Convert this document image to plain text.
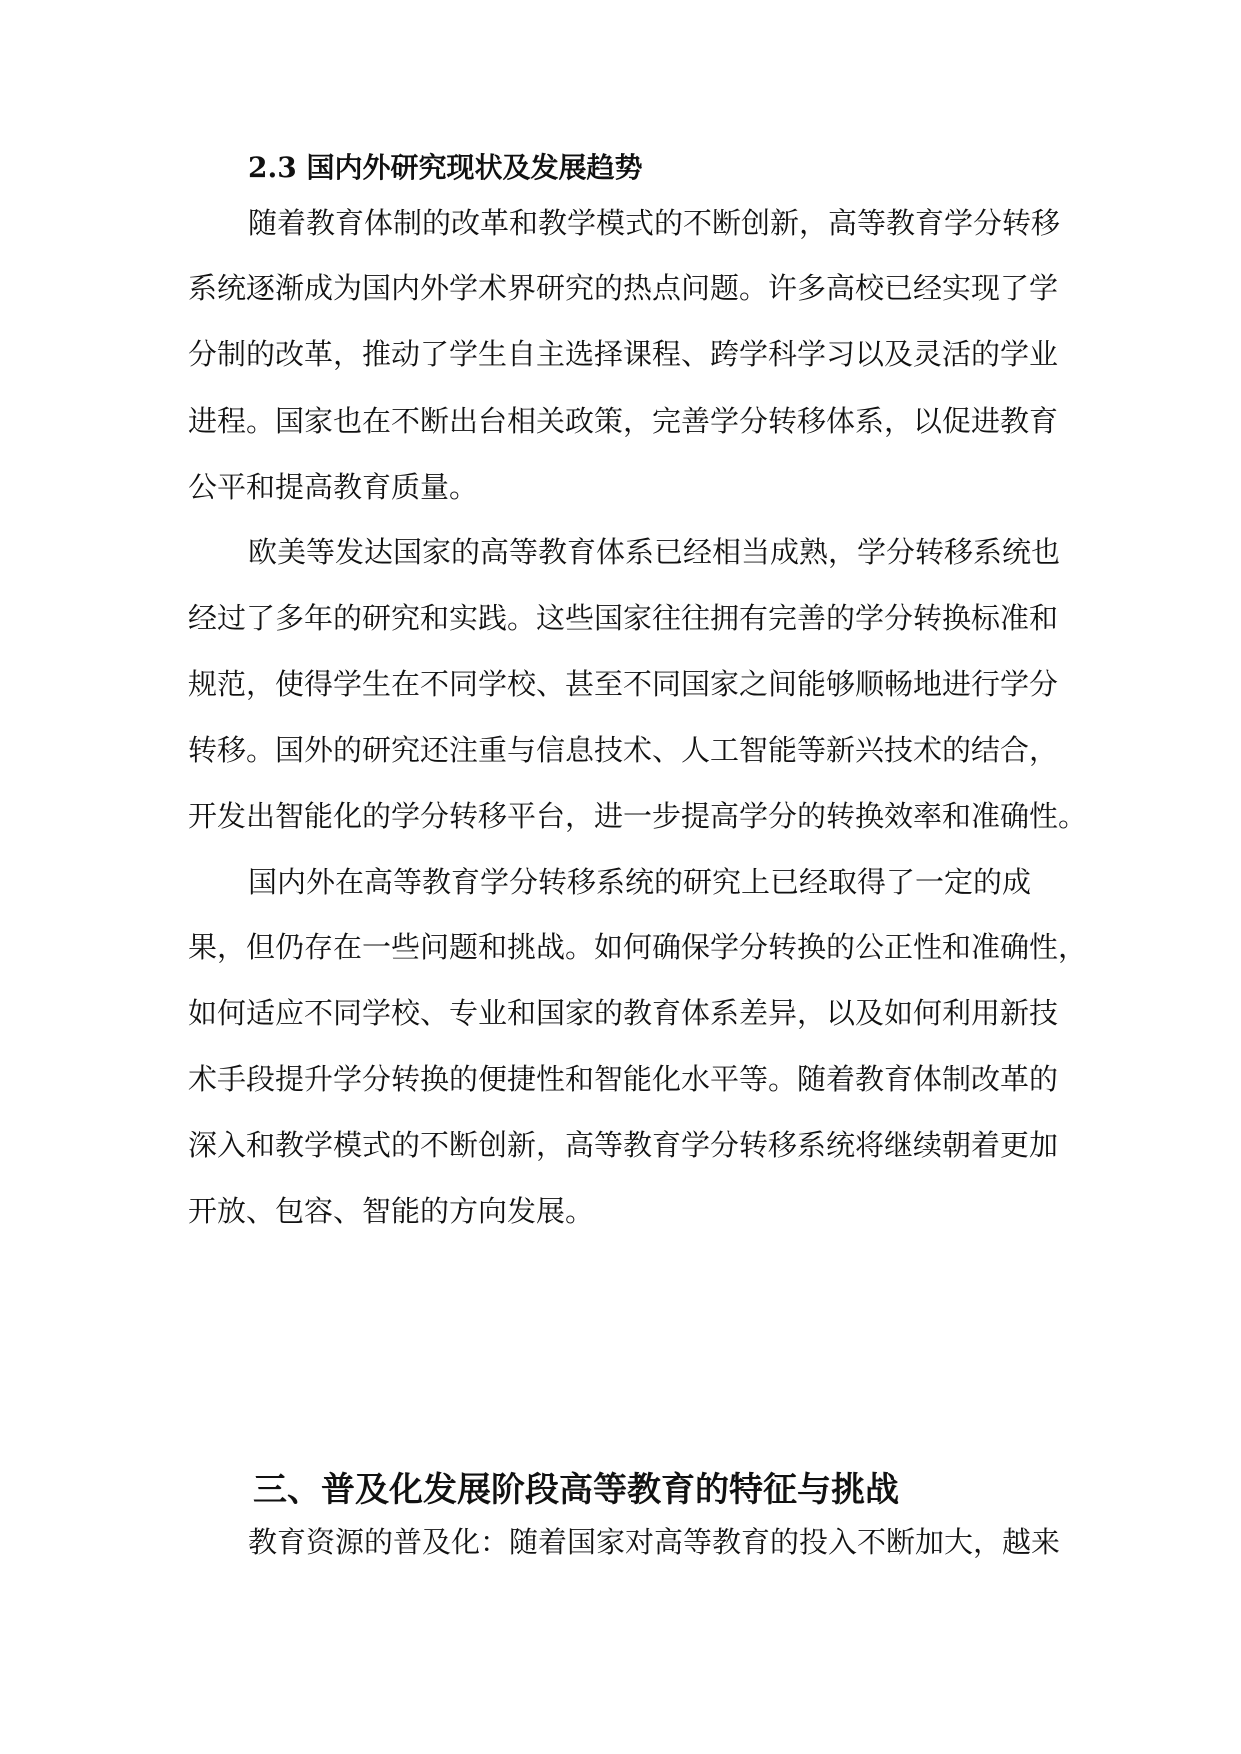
2.3 国内外研究现状及发展趋势

随着教育体制的改革和教学模式的不断创新，高等教育学分转移

系统逐渐成为国内外学术界研究的热点问题。许多高校已经实现了学

分制的改革，推动了学生自主选择课程、跨学科学习以及灵活的学业

进程。国家也在不断出台相关政策，完善学分转移体系，以促进教育

公平和提高教育质量。

欧美等发达国家的高等教育体系已经相当成熟，学分转移系统也

经过了多年的研究和实践。这些国家往往拥有完善的学分转换标准和

规范，使得学生在不同学校、甚至不同国家之间能够顺畅地进行学分

转移。国外的研究还注重与信息技术、人工智能等新兴技术的结合，

开发出智能化的学分转移平台，进一步提高学分的转换效率和准确性。

国内外在高等教育学分转移系统的研究上已经取得了一定的成

果，但仍存在一些问题和挑战。如何确保学分转换的公正性和准确性，

如何适应不同学校、专业和国家的教育体系差异，以及如何利用新技

术手段提升学分转换的便捷性和智能化水平等。随着教育体制改革的

深入和教学模式的不断创新，高等教育学分转移系统将继续朝着更加

开放、包容、智能的方向发展。

三、普及化发展阶段高等教育的特征与挑战

教育资源的普及化：随着国家对高等教育的投入不断加大，越来
